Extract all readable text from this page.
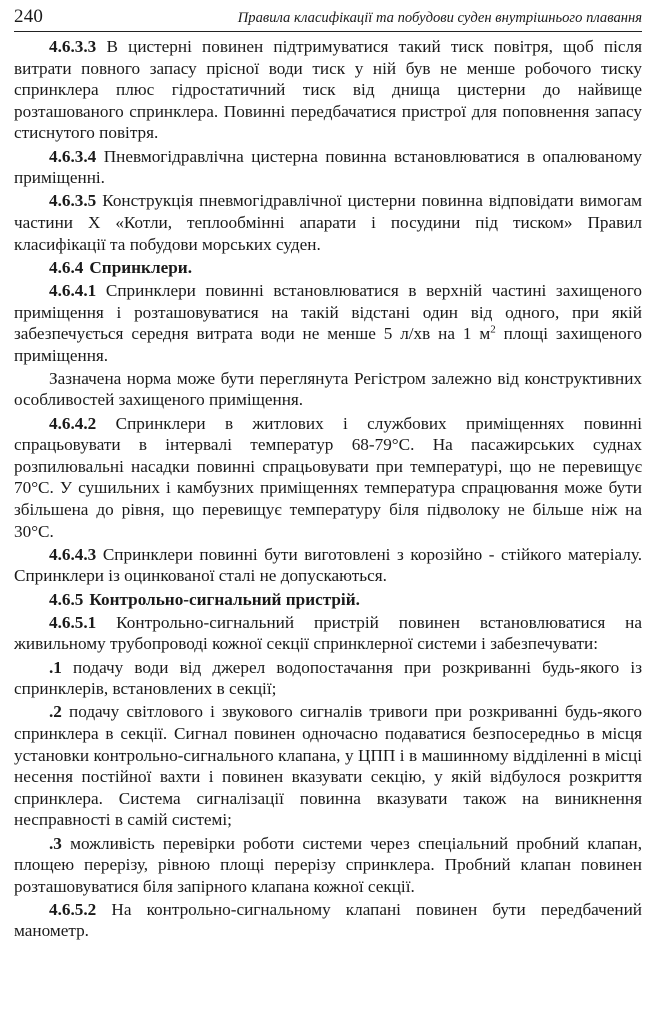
240	Правила класифікації та побудови суден внутрішнього плавання

4.6.3.3 В цистерні повинен підтримуватися такий тиск повітря, щоб після витрати повного запасу прісної води тиск у ній був не менше робочого тиску спринклера плюс гідростатичний тиск від днища цистерни до найвище розташованого спринклера. Повинні передбачатися пристрої для поповнення запасу стиснутого повітря.

4.6.3.4 Пневмогідравлічна цистерна повинна встановлюватися в опалюваному приміщенні.

4.6.3.5 Конструкція пневмогідравлічної цистерни повинна відповідати вимогам частини X «Котли, теплообмінні апарати і посудини під тиском» Правил класифікації та побудови морських суден.

4.6.4 Спринклери.

4.6.4.1 Спринклери повинні встановлюватися в верхній частині захищеного приміщення і розташовуватися на такій відстані один від одного, при якій забезпечується середня витрата води не менше 5 л/хв на 1 $м^2$ площі захищеного приміщення.

Зазначена норма може бути переглянута Регістром залежно від конструктивних особливостей захищеного приміщення.

4.6.4.2 Спринклери в житлових і службових приміщеннях повинні спрацьовувати в інтервалі температур 68-79°С. На пасажирських суднах розпилювальні насадки повинні спрацьовувати при температурі, що не перевищує 70°С. У сушильних і камбузних приміщеннях температура спрацювання може бути збільшена до рівня, що перевищує температуру біля підволоку не більше ніж на 30°С.

4.6.4.3 Спринклери повинні бути виготовлені з корозійно - стійкого матеріалу. Спринклери із оцинкованої сталі не допускаються.

4.6.5 Контрольно-сигнальний пристрій.

4.6.5.1 Контрольно-сигнальний пристрій повинен встановлюватися на живильному трубопроводі кожної секції спринклерної системи і забезпечувати:

.1 подачу води від джерел водопостачання при розкриванні будь-якого із спринклерів, встановлених в секції;

.2 подачу світлового і звукового сигналів тривоги при розкриванні будь-якого спринклера в секції. Сигнал повинен одночасно подаватися безпосередньо в місця установки контрольно-сигнального клапана, у ЦПП і в машинному відділенні в місці несення постійної вахти і повинен вказувати секцію, у якій відбулося розкриття спринклера. Система сигналізації повинна вказувати також на виникнення несправності в самій системі;

.3 можливість перевірки роботи системи через спеціальний пробний клапан, площею перерізу, рівною площі перерізу спринклера. Пробний клапан повинен розташовуватися біля запірного клапана кожної секції.

4.6.5.2 На контрольно-сигнальному клапані повинен бути передбачений манометр.
